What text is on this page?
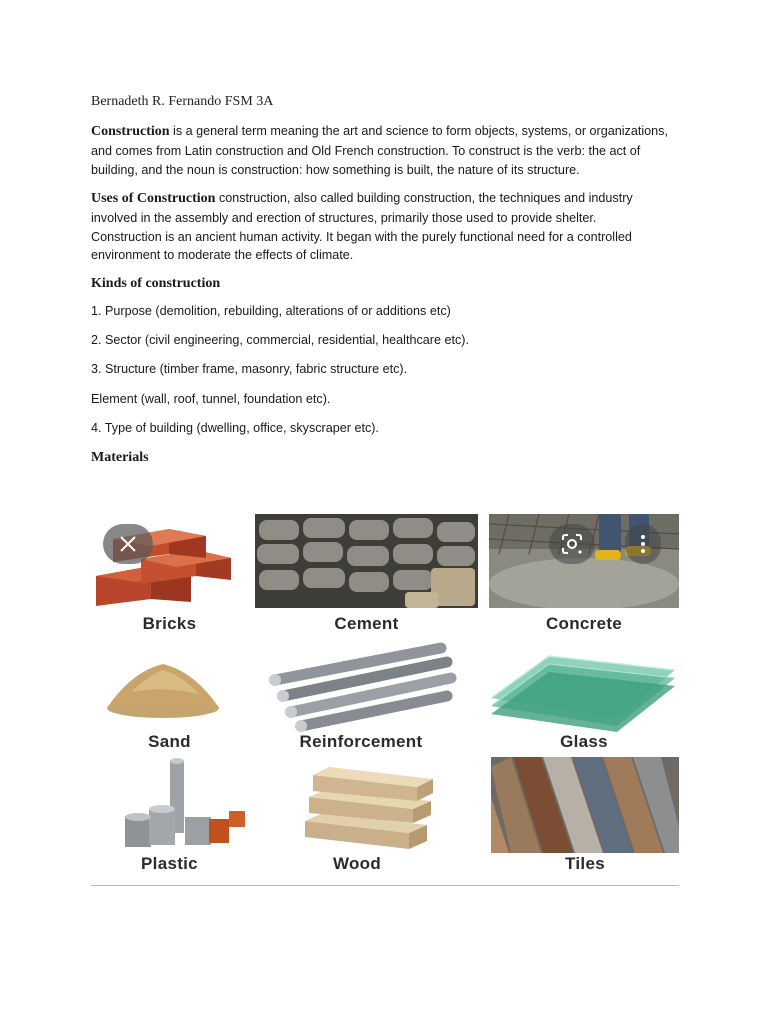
Bernadeth R. Fernando FSM 3A
Construction is a general term meaning the art and science to form objects, systems, or organizations,
and comes from Latin construction and Old French construction. To construct is the verb: the act of
building, and the noun is construction: how something is built, the nature of its structure.
Uses of Construction construction, also called building construction, the techniques and industry
involved in the assembly and erection of structures, primarily those used to provide shelter.
Construction is an ancient human activity. It began with the purely functional need for a controlled
environment to moderate the effects of climate.
Kinds of construction
1. Purpose (demolition, rebuilding, alterations of or additions etc)
2. Sector (civil engineering, commercial, residential, healthcare etc).
3. Structure (timber frame, masonry, fabric structure etc).
Element (wall, roof, tunnel, foundation etc).
4. Type of building (dwelling, office, skyscraper etc).
Materials
Bricks	Cement	Concrete
Sand	Reinforcement	Glass
Plastic	Wood	Tiles
